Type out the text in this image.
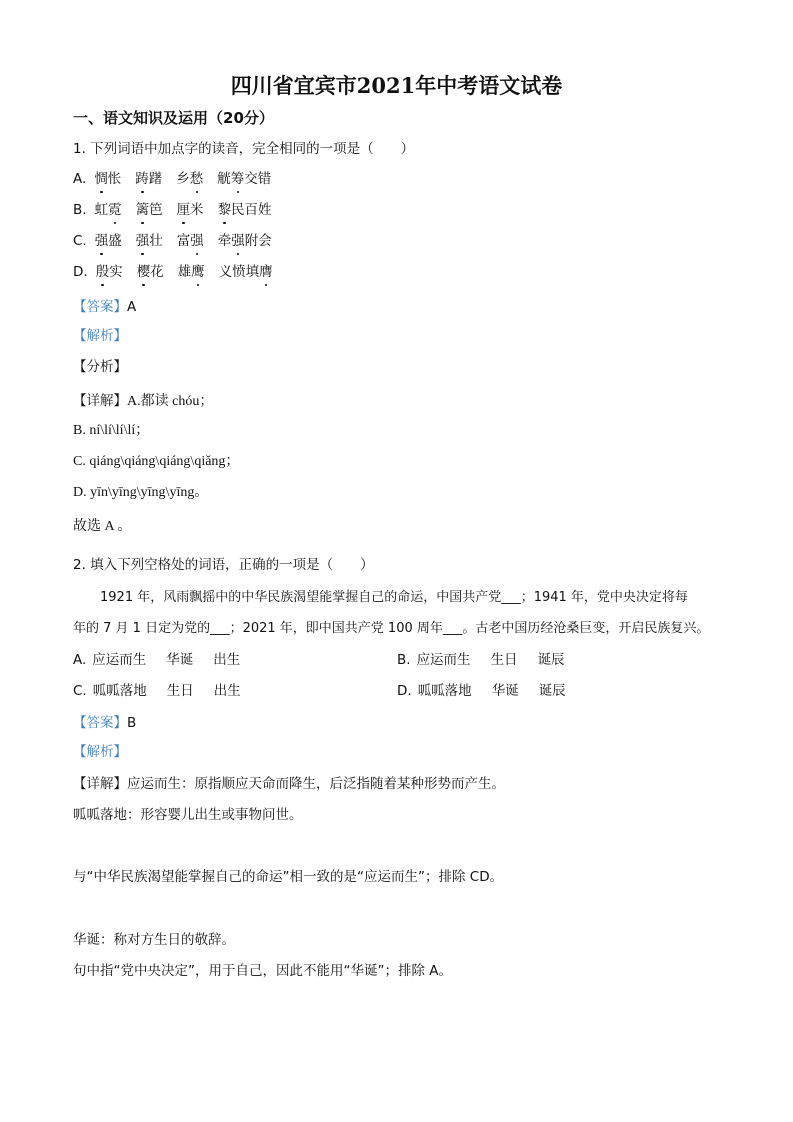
四川省宜宾市2021年中考语文试卷
一、语文知识及运用（20分）
1. 下列词语中加点字的读音，完全相同的一项是（　　）
A. 惆怅 踌躇 乡愁 觥筹交错
B. 虹霓 篱笆 厘米 黎民百姓
C. 强盛 强壮 富强 牵强附会
D. 殷实 樱花 雄鹰 义愤填膺
【答案】A
【解析】
【分析】
【详解】A.都读 chóu；
B. ní\lí\lí\lí；
C. qiáng\qiáng\qiáng\qiǎng；
D. yīn\yīng\yīng\yīng。
故选 A 。
2. 填入下列空格处的词语，正确的一项是（　　）
1921 年，风雨飘摇中的中华民族渴望能掌握自己的命运，中国共产党___；1941 年，党中央决定将每
年的 7 月 1 日定为党的___；2021 年，即中国共产党 100 周年___。古老中国历经沧桑巨变，开启民族复兴。
A. 应运而生 华诞 出生	B. 应运而生 生日 诞辰
C. 呱呱落地 生日 出生	D. 呱呱落地 华诞 诞辰
【答案】B
【解析】
【详解】应运而生：原指顺应天命而降生，后泛指随着某种形势而产生。
呱呱落地：形容婴儿出生或事物问世。
与“中华民族渴望能掌握自己的命运”相一致的是“应运而生”；排除 CD。
华诞：称对方生日的敬辞。
句中指“党中央决定”，用于自己，因此不能用“华诞”；排除 A。
